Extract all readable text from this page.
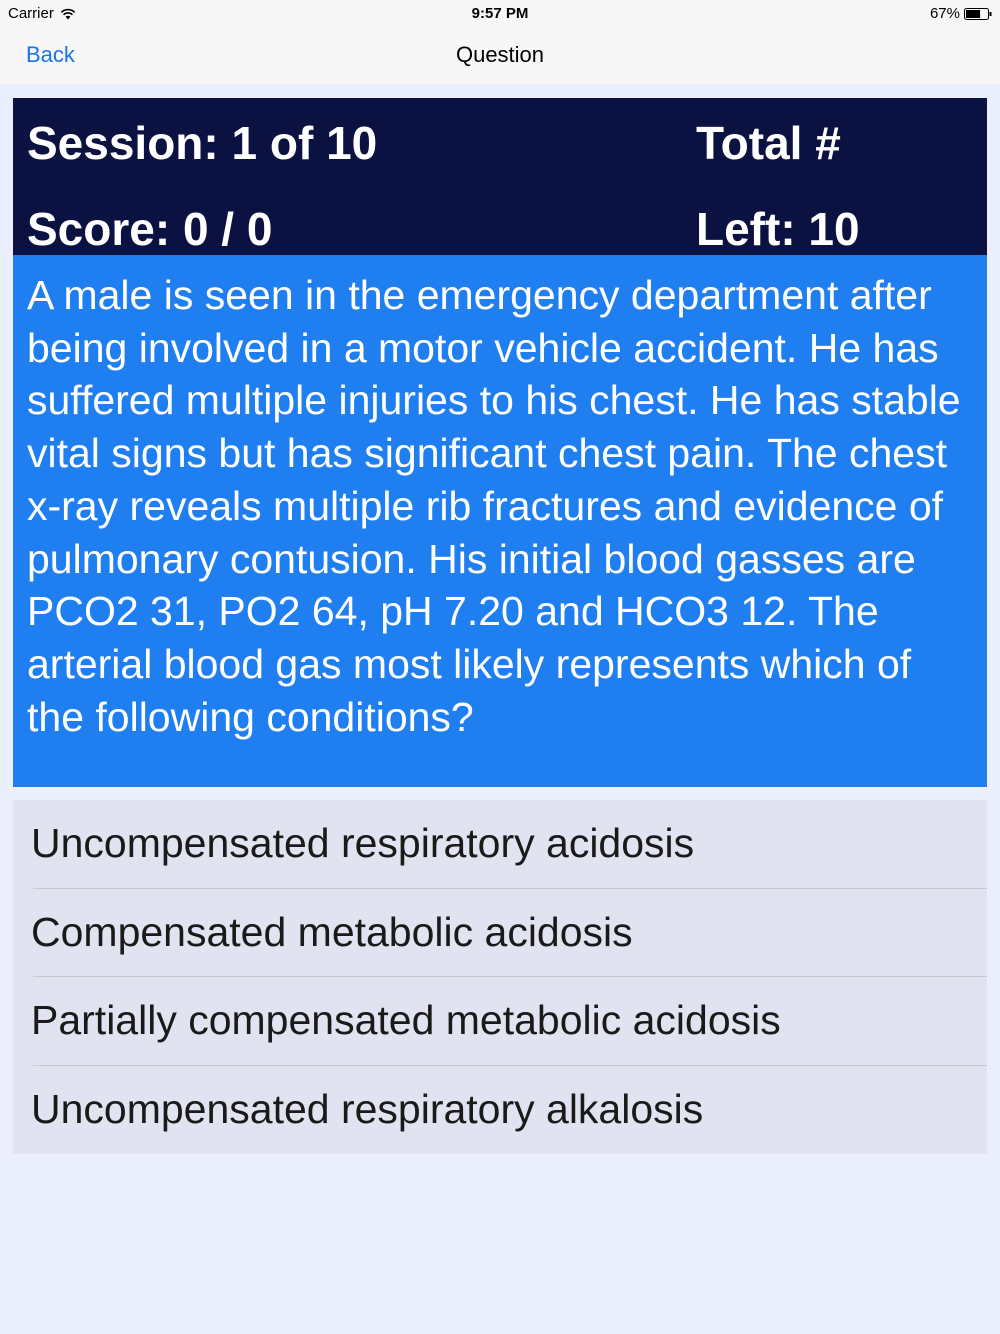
Carrier	9:57 PM	67%
Back	Question
Session: 1 of 10
Score: 0 / 0
Total #
Left: 10
A male is seen in the emergency department after being involved in a motor vehicle accident. He has suffered multiple injuries to his chest. He has stable vital signs but has significant chest pain. The chest x-ray reveals multiple rib fractures and evidence of pulmonary contusion. His initial blood gasses are PCO2 31, PO2 64, pH 7.20 and HCO3 12. The arterial blood gas most likely represents which of the following conditions?
Uncompensated respiratory acidosis
Compensated metabolic acidosis
Partially compensated metabolic acidosis
Uncompensated respiratory alkalosis
